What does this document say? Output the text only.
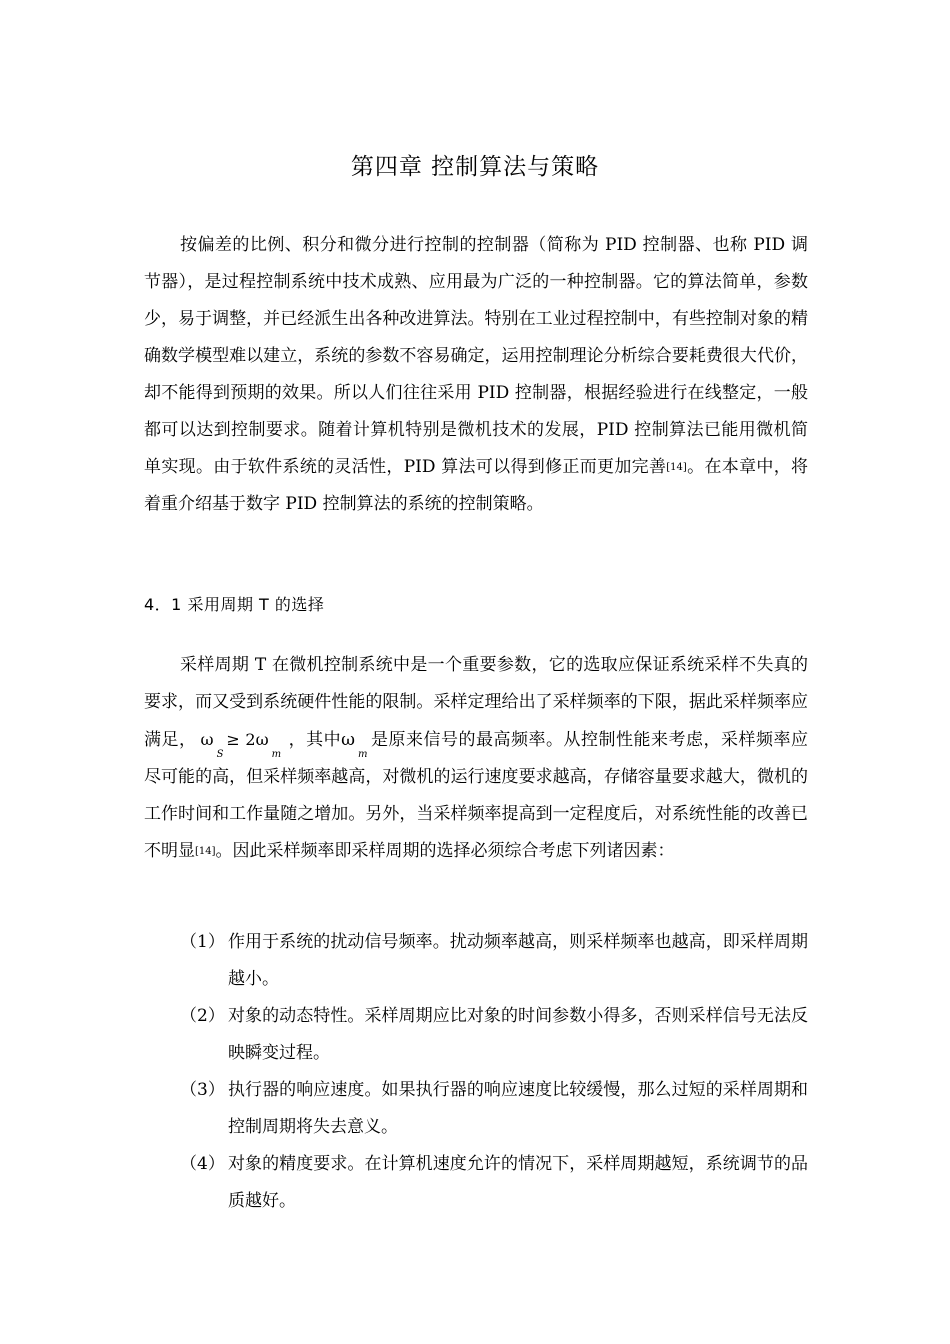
第四章 控制算法与策略

按偏差的比例、积分和微分进行控制的控制器（简称为 PID 控制器、也称 PID 调节器），是过程控制系统中技术成熟、应用最为广泛的一种控制器。它的算法简单，参数少，易于调整，并已经派生出各种改进算法。特别在工业过程控制中，有些控制对象的精确数学模型难以建立，系统的参数不容易确定，运用控制理论分析综合要耗费很大代价，却不能得到预期的效果。所以人们往往采用 PID 控制器，根据经验进行在线整定，一般都可以达到控制要求。随着计算机特别是微机技术的发展，PID 控制算法已能用微机简单实现。由于软件系统的灵活性，PID 算法可以得到修正而更加完善[14]。在本章中，将着重介绍基于数字 PID 控制算法的系统的控制策略。

4．1 采用周期 T 的选择

采样周期 T 在微机控制系统中是一个重要参数，它的选取应保证系统采样不失真的要求，而又受到系统硬件性能的限制。采样定理给出了采样频率的下限，据此采样频率应满足， $\omega_S\ge 2\omega_m$，其中$\omega_m$是原来信号的最高频率。从控制性能来考虑，采样频率应尽可能的高，但采样频率越高，对微机的运行速度要求越高，存储容量要求越大，微机的工作时间和工作量随之增加。另外，当采样频率提高到一定程度后，对系统性能的改善已不明显[14]。因此采样频率即采样周期的选择必须综合考虑下列诸因素：

（1） 作用于系统的扰动信号频率。扰动频率越高，则采样频率也越高，即采样周期越小。
（2） 对象的动态特性。采样周期应比对象的时间参数小得多，否则采样信号无法反映瞬变过程。
（3） 执行器的响应速度。如果执行器的响应速度比较缓慢，那么过短的采样周期和控制周期将失去意义。
（4） 对象的精度要求。在计算机速度允许的情况下，采样周期越短，系统调节的品质越好。
